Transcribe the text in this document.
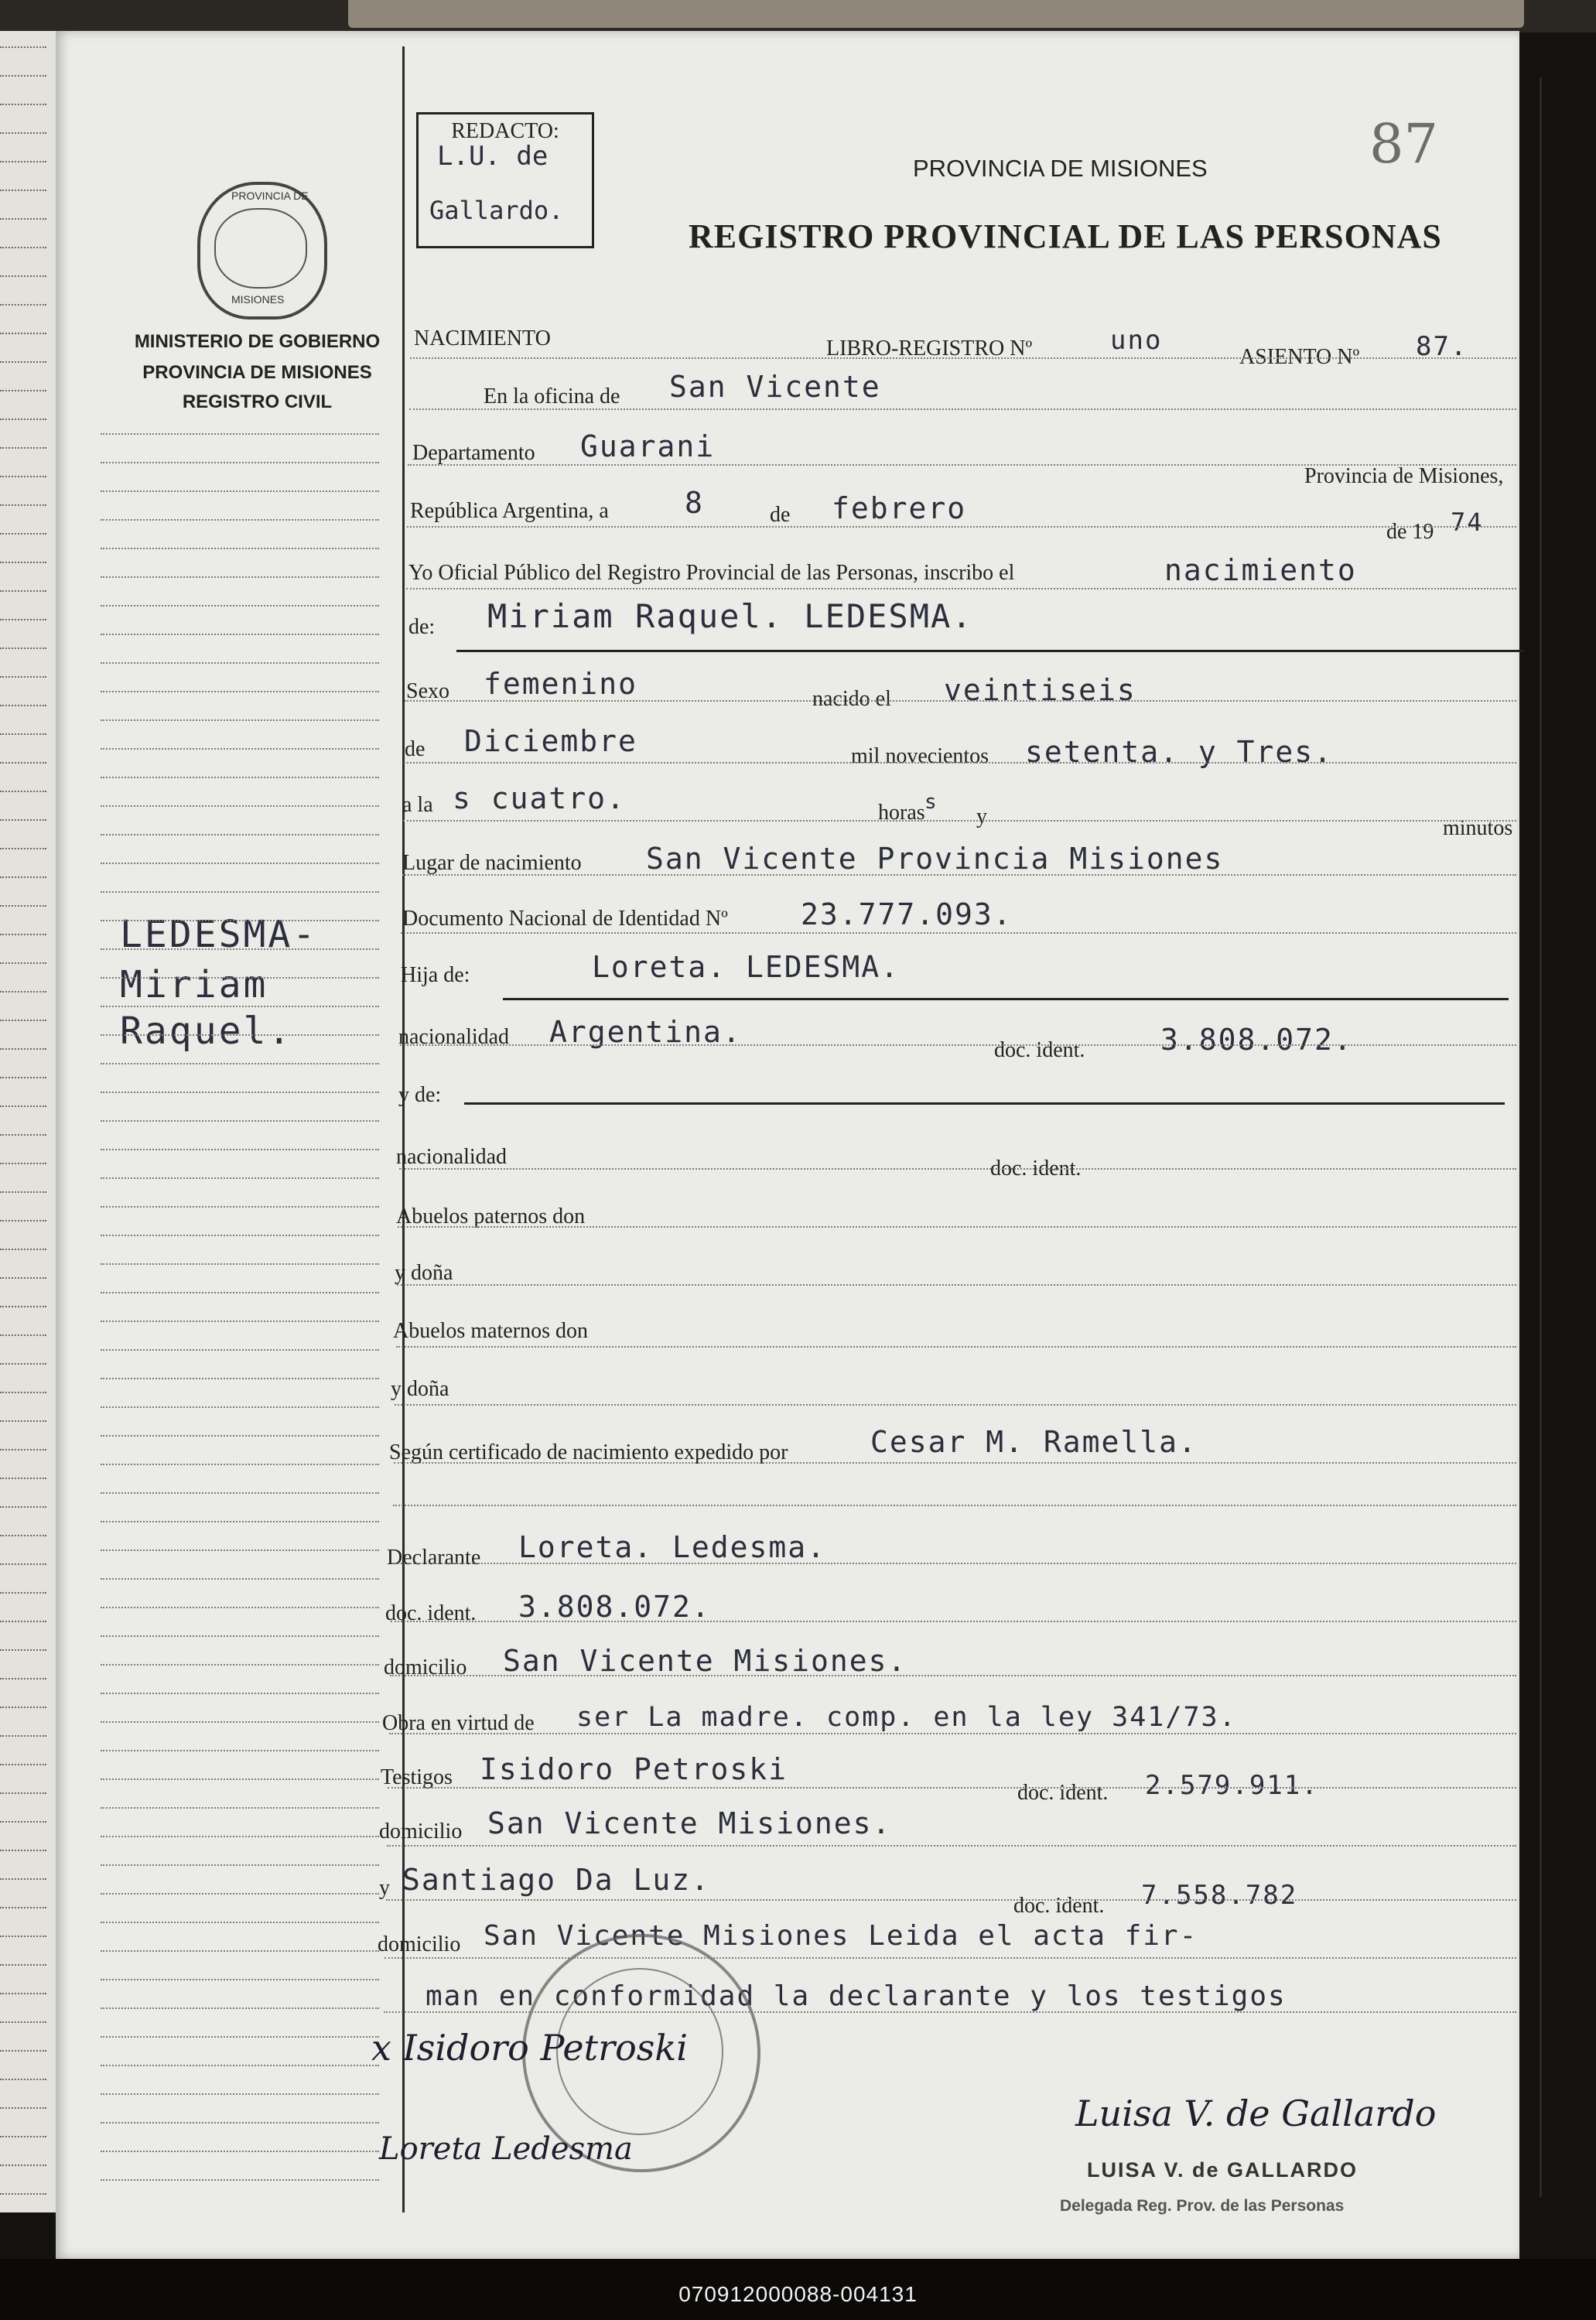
REDACTO:
L.U. de
Gallardo.
87
PROVINCIA DE
MISIONES
MINISTERIO DE GOBIERNO
PROVINCIA DE MISIONES
REGISTRO CIVIL
PROVINCIA DE MISIONES
REGISTRO PROVINCIAL DE LAS PERSONAS
LEDESMA-
Miriam
Raquel.
NACIMIENTO	LIBRO-REGISTRO Nº	uno
ASIENTO Nº 87.
En la oficina de San Vicente
Departamento Guarani
Provincia de Misiones,
República Argentina, a	8	de febrero
de 19 74
Yo Oficial Público del Registro Provincial de las Personas, inscribo el	nacimiento
de: Miriam Raquel. LEDESMA.
Sexo femenino	nacido el veintiseis
de Diciembre	mil novecientos setenta. y Tres.
a la s cuatro.	horas s
y	minutos
Lugar de nacimiento San Vicente Provincia Misiones
Documento Nacional de Identidad Nº 23.777.093.
Hija de:	Loreta. LEDESMA.
nacionalidad Argentina.
doc. ident.	3.808.072.
y de:
nacionalidad	doc. ident.
Abuelos paternos don
y doña
Abuelos maternos don
y doña
Según certificado de nacimiento expedido por	Cesar M. Ramella.
Declarante Loreta. Ledesma.
doc. ident. 3.808.072.
domicilio San Vicente Misiones.
Obra en virtud de ser La madre. comp. en la ley 341/73.
Testigos Isidoro Petroski
doc. ident. 2.579.911.
domicilio San Vicente Misiones.
y Santiago Da Luz.
doc. ident. 7.558.782
domicilio San Vicente Misiones Leida el acta fir-
man en conformidad la declarante y los testigos
x Isidoro Petroski
Loreta Ledesma
Luisa V. de Gallardo
LUISA V. de GALLARDO
Delegada Reg. Prov. de las Personas
070912000088-004131
